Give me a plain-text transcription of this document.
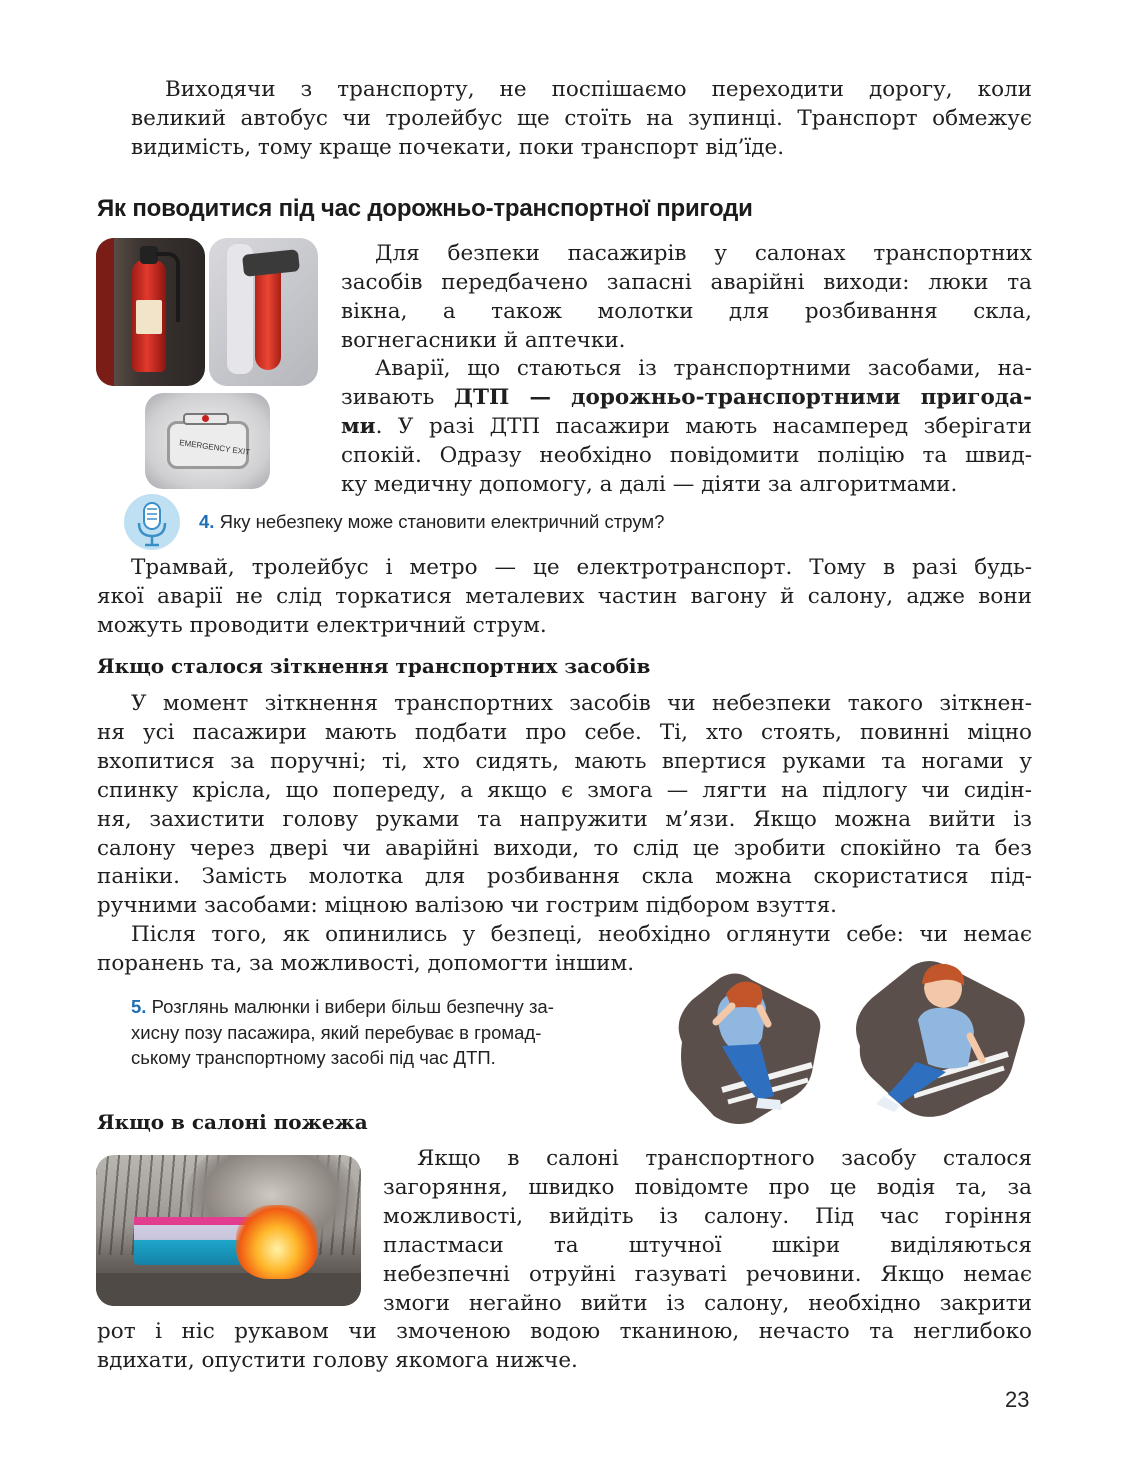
Виходячи з транспорту, не поспішаємо переходити дорогу, коли
великий автобус чи тролейбус ще стоїть на зупинці. Транспорт обмежує
видимість, тому краще почекати, поки транспорт від’їде.
Як поводитися під час дорожньо-транспортної пригоди
EMERGENCY EXIT
Для безпеки пасажирів у салонах транспортних
засобів передбачено запасні аварійні виходи: люки та
вікна, а також молотки для розбивання скла,
вогнегасники й аптечки.
Аварії, що стаються із транспортними засобами, на-
зивають ДТП — дорожньо-транспортними пригода-
ми. У разі ДТП пасажири мають насамперед зберігати
спокій. Одразу необхідно повідомити поліцію та швид-
ку медичну допомогу, а далі — діяти за алгоритмами.
4. Яку небезпеку може становити електричний струм?
Трамвай, тролейбус і метро — це електротранспорт. Тому в разі будь-
якої аварії не слід торкатися металевих частин вагону й салону, адже вони
можуть проводити електричний струм.
Якщо сталося зіткнення транспортних засобів
У момент зіткнення транспортних засобів чи небезпеки такого зіткнен-
ня усі пасажири мають подбати про себе. Ті, хто стоять, повинні міцно
вхопитися за поручні; ті, хто сидять, мають впертися руками та ногами у
спинку крісла, що попереду, а якщо є змога — лягти на підлогу чи сидін-
ня, захистити голову руками та напружити м’язи. Якщо можна вийти із
салону через двері чи аварійні виходи, то слід це зробити спокійно та без
паніки. Замість молотка для розбивання скла можна скористатися під-
ручними засобами: міцною валізою чи гострим підбором взуття.
Після того, як опинились у безпеці, необхідно оглянути себе: чи немає
поранень та, за можливості, допомогти іншим.
5. Розглянь малюнки і вибери більш безпечну за-
хисну позу пасажира, який перебуває в громад-
ському транспортному засобі під час ДТП.
Якщо в салоні пожежа
Якщо в салоні транспортного засобу сталося
загоряння, швидко повідомте про це водія та, за
можливості, вийдіть із салону. Під час горіння
пластмаси та штучної шкіри виділяються
небезпечні отруйні газуваті речовини. Якщо немає
змоги негайно вийти із салону, необхідно закрити
рот і ніс рукавом чи змоченою водою тканиною, нечасто та неглибоко
вдихати, опустити голову якомога нижче.
23
